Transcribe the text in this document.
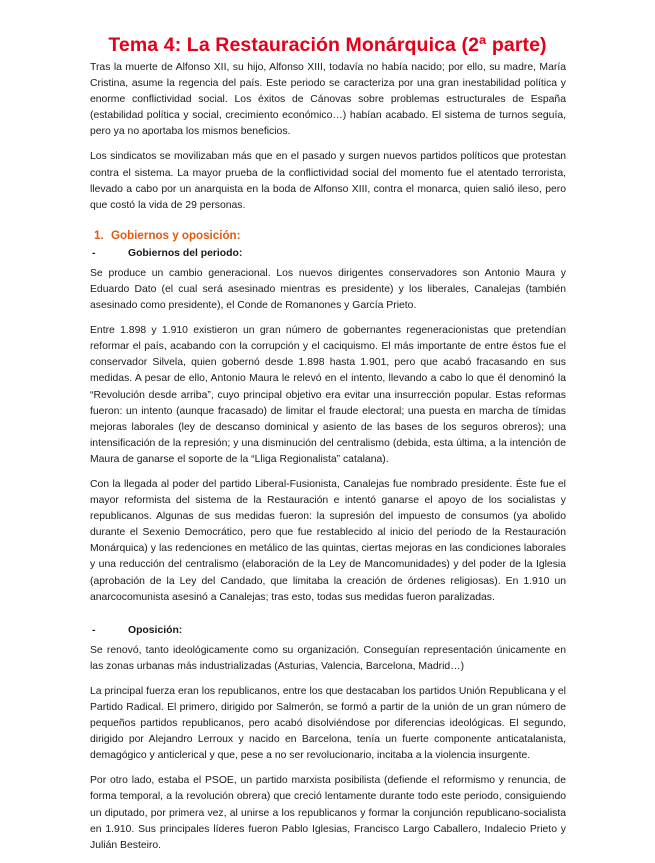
Tema 4: La Restauración Monárquica (2ª parte)

Tras la muerte de Alfonso XII, su hijo, Alfonso XIII, todavía no había nacido; por ello, su madre, María Cristina, asume la regencia del país. Este periodo se caracteriza por una gran inestabilidad política y enorme conflictividad social. Los éxitos de Cánovas sobre problemas estructurales de España (estabilidad política y social, crecimiento económico…) habían acabado. El sistema de turnos seguía, pero ya no aportaba los mismos beneficios.

Los sindicatos se movilizaban más que en el pasado y surgen nuevos partidos políticos que protestan contra el sistema. La mayor prueba de la conflictividad social del momento fue el atentado terrorista, llevado a cabo por un anarquista en la boda de Alfonso XIII, contra el monarca, quien salió ileso, pero que costó la vida de 29 personas.

1. Gobiernos y oposición:
-	Gobiernos del periodo:

Se produce un cambio generacional. Los nuevos dirigentes conservadores son Antonio Maura y Eduardo Dato (el cual será asesinado mientras es presidente) y los liberales, Canalejas (también asesinado como presidente), el Conde de Romanones y García Prieto.

Entre 1.898 y 1.910 existieron un gran número de gobernantes regeneracionistas que pretendían reformar el país, acabando con la corrupción y el caciquismo. El más importante de entre éstos fue el conservador Silvela, quien gobernó desde 1.898 hasta 1.901, pero que acabó fracasando en sus medidas. A pesar de ello, Antonio Maura le relevó en el intento, llevando a cabo lo que él denominó la “Revolución desde arriba”, cuyo principal objetivo era evitar una insurrección popular. Estas reformas fueron: un intento (aunque fracasado) de limitar el fraude electoral; una puesta en marcha de tímidas mejoras laborales (ley de descanso dominical y asiento de las bases de los seguros obreros); una intensificación de la represión; y una disminución del centralismo (debida, esta última, a la intención de Maura de ganarse el soporte de la “Lliga Regionalista” catalana).

Con la llegada al poder del partido Liberal-Fusionista, Canalejas fue nombrado presidente. Éste fue el mayor reformista del sistema de la Restauración e intentó ganarse el apoyo de los socialistas y republicanos. Algunas de sus medidas fueron: la supresión del impuesto de consumos (ya abolido durante el Sexenio Democrático, pero que fue restablecido al inicio del periodo de la Restauración Monárquica) y las redenciones en metálico de las quintas, ciertas mejoras en las condiciones laborales y una reducción del centralismo (elaboración de la Ley de Mancomunidades) y del poder de la Iglesia (aprobación de la Ley del Candado, que limitaba la creación de órdenes religiosas). En 1.910 un anarcocomunista asesinó a Canalejas; tras esto, todas sus medidas fueron paralizadas.

-	Oposición:

Se renovó, tanto ideológicamente como su organización. Conseguían representación únicamente en las zonas urbanas más industrializadas (Asturias, Valencia, Barcelona, Madrid…)

La principal fuerza eran los republicanos, entre los que destacaban los partidos Unión Republicana y el Partido Radical. El primero, dirigido por Salmerón, se formó a partir de la unión de un gran número de pequeños partidos republicanos, pero acabó disolviéndose por diferencias ideológicas. El segundo, dirigido por Alejandro Lerroux y nacido en Barcelona, tenía un fuerte componente anticatalanista, demagógico y anticlerical y que, pese a no ser revolucionario, incitaba a la violencia insurgente.

Por otro lado, estaba el PSOE, un partido marxista posibilista (defiende el reformismo y renuncia, de forma temporal, a la revolución obrera) que creció lentamente durante todo este periodo, consiguiendo un diputado, por primera vez, al unirse a los republicanos y formar la conjunción republicano-socialista en 1.910. Sus principales líderes fueron Pablo Iglesias, Francisco Largo Caballero, Indalecio Prieto y Julián Besteiro.
